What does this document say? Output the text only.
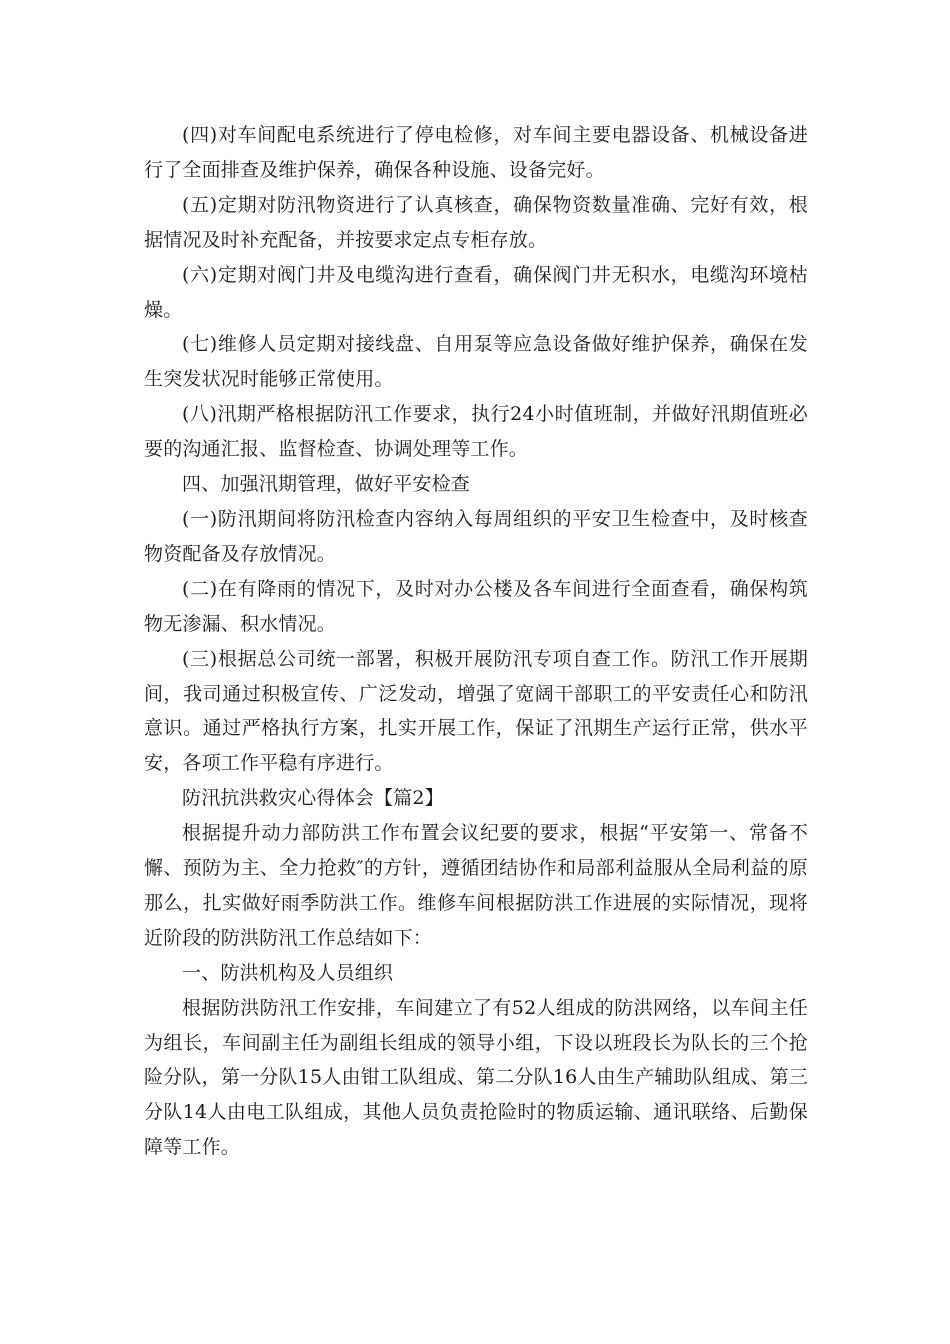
(四)对车间配电系统进行了停电检修，对车间主要电器设备、机械设备进行了全面排查及维护保养，确保各种设施、设备完好。

(五)定期对防汛物资进行了认真核查，确保物资数量准确、完好有效，根据情况及时补充配备，并按要求定点专柜存放。

(六)定期对阀门井及电缆沟进行查看，确保阀门井无积水，电缆沟环境枯燥。

(七)维修人员定期对接线盘、自用泵等应急设备做好维护保养，确保在发生突发状况时能够正常使用。

(八)汛期严格根据防汛工作要求，执行24小时值班制，并做好汛期值班必要的沟通汇报、监督检查、协调处理等工作。

四、加强汛期管理，做好平安检查

(一)防汛期间将防汛检查内容纳入每周组织的平安卫生检查中，及时核查物资配备及存放情况。

(二)在有降雨的情况下，及时对办公楼及各车间进行全面查看，确保构筑物无渗漏、积水情况。

(三)根据总公司统一部署，积极开展防汛专项自查工作。防汛工作开展期间，我司通过积极宣传、广泛发动，增强了宽阔干部职工的平安责任心和防汛意识。通过严格执行方案，扎实开展工作，保证了汛期生产运行正常，供水平安，各项工作平稳有序进行。

防汛抗洪救灾心得体会【篇2】

根据提升动力部防洪工作布置会议纪要的要求，根据“平安第一、常备不懈、预防为主、全力抢救″的方针，遵循团结协作和局部利益服从全局利益的原那么，扎实做好雨季防洪工作。维修车间根据防洪工作进展的实际情况，现将近阶段的防洪防汛工作总结如下：

一、防洪机构及人员组织

根据防洪防汛工作安排，车间建立了有52人组成的防洪网络，以车间主任为组长，车间副主任为副组长组成的领导小组，下设以班段长为队长的三个抢险分队，第一分队15人由钳工队组成、第二分队16人由生产辅助队组成、第三分队14人由电工队组成，其他人员负责抢险时的物质运输、通讯联络、后勤保障等工作。
